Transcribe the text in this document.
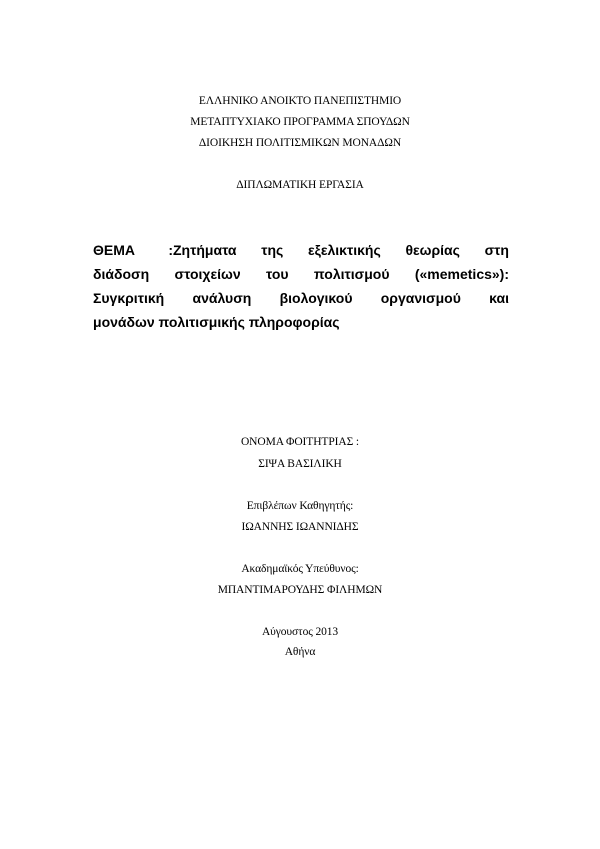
ΕΛΛΗΝΙΚΟ ΑΝΟΙΚΤΟ ΠΑΝΕΠΙΣΤΗΜΙΟ
ΜΕΤΑΠΤΥΧΙΑΚΟ ΠΡΟΓΡΑΜΜΑ ΣΠΟΥΔΩΝ
ΔΙΟΙΚΗΣΗ ΠΟΛΙΤΙΣΜΙΚΩΝ ΜΟΝΑΔΩΝ
ΔΙΠΛΩΜΑΤΙΚΗ ΕΡΓΑΣΙΑ
ΘΕΜΑ :Ζητήματα της εξελικτικής θεωρίας στη
διάδοση στοιχείων του πολιτισμού («memetics»):
Συγκριτική ανάλυση βιολογικού οργανισμού και
μονάδων πολιτισμικής πληροφορίας
ΟΝΟΜΑ ΦΟΙΤΗΤΡΙΑΣ :
ΣΙΨΑ ΒΑΣΙΛΙΚΗ
Επιβλέπων Καθηγητής:
ΙΩΑΝΝΗΣ ΙΩΑΝΝΙΔΗΣ
Ακαδημαϊκός Υπεύθυνος:
ΜΠΑΝΤΙΜΑΡΟΥΔΗΣ ΦΙΛΗΜΩΝ
Αύγουστος 2013
Αθήνα
